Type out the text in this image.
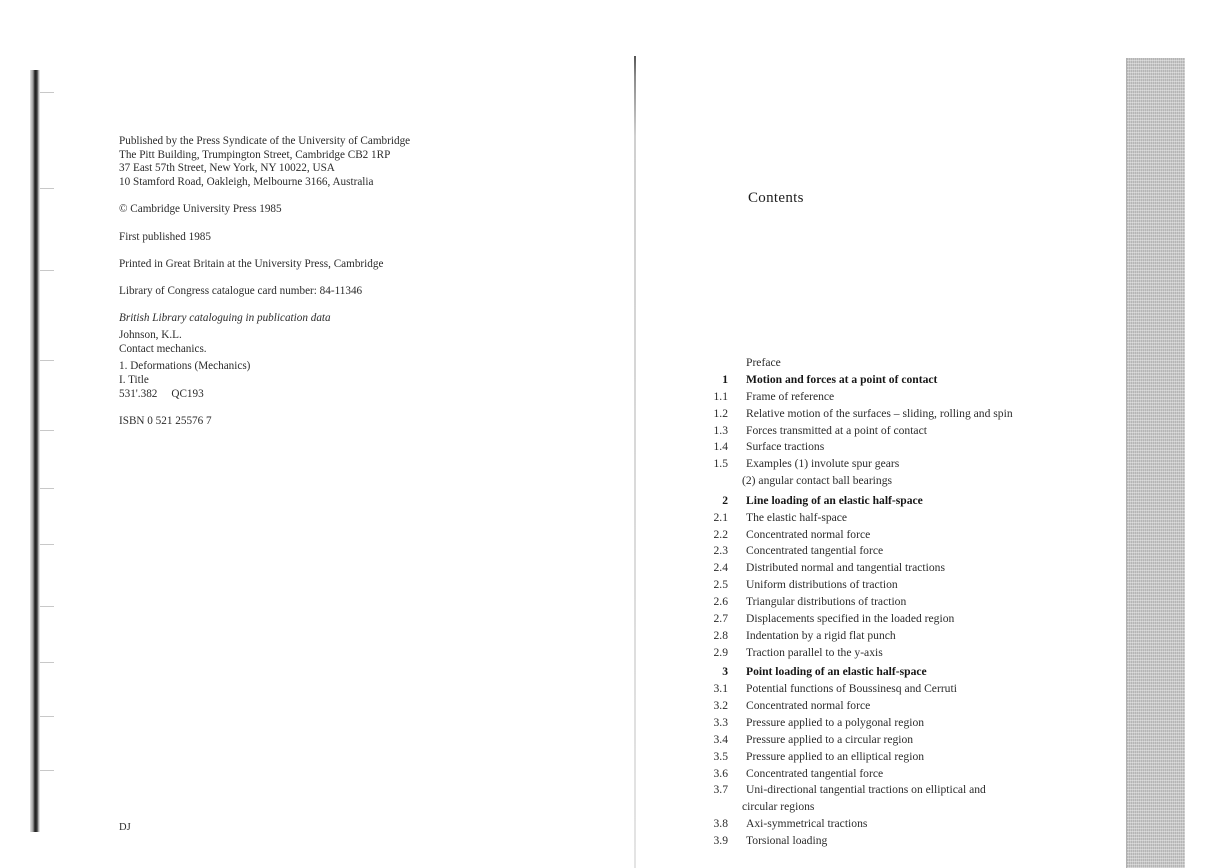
Published by the Press Syndicate of the University of Cambridge
The Pitt Building, Trumpington Street, Cambridge CB2 1RP
37 East 57th Street, New York, NY 10022, USA
10 Stamford Road, Oakleigh, Melbourne 3166, Australia
© Cambridge University Press 1985
First published 1985
Printed in Great Britain at the University Press, Cambridge
Library of Congress catalogue card number: 84-11346
British Library cataloguing in publication data
Johnson, K.L.
Contact mechanics.
1. Deformations (Mechanics)
I. Title
531'.382     QC193
ISBN 0 521 25576 7
DJ
Contents
Preface
1 Motion and forces at a point of contact
1.1 Frame of reference
1.2 Relative motion of the surfaces – sliding, rolling and spin
1.3 Forces transmitted at a point of contact
1.4 Surface tractions
1.5 Examples (1) involute spur gears
(2) angular contact ball bearings
2 Line loading of an elastic half-space
2.1 The elastic half-space
2.2 Concentrated normal force
2.3 Concentrated tangential force
2.4 Distributed normal and tangential tractions
2.5 Uniform distributions of traction
2.6 Triangular distributions of traction
2.7 Displacements specified in the loaded region
2.8 Indentation by a rigid flat punch
2.9 Traction parallel to the y-axis
3 Point loading of an elastic half-space
3.1 Potential functions of Boussinesq and Cerruti
3.2 Concentrated normal force
3.3 Pressure applied to a polygonal region
3.4 Pressure applied to a circular region
3.5 Pressure applied to an elliptical region
3.6 Concentrated tangential force
3.7 Uni-directional tangential tractions on elliptical and
circular regions
3.8 Axi-symmetrical tractions
3.9 Torsional loading
